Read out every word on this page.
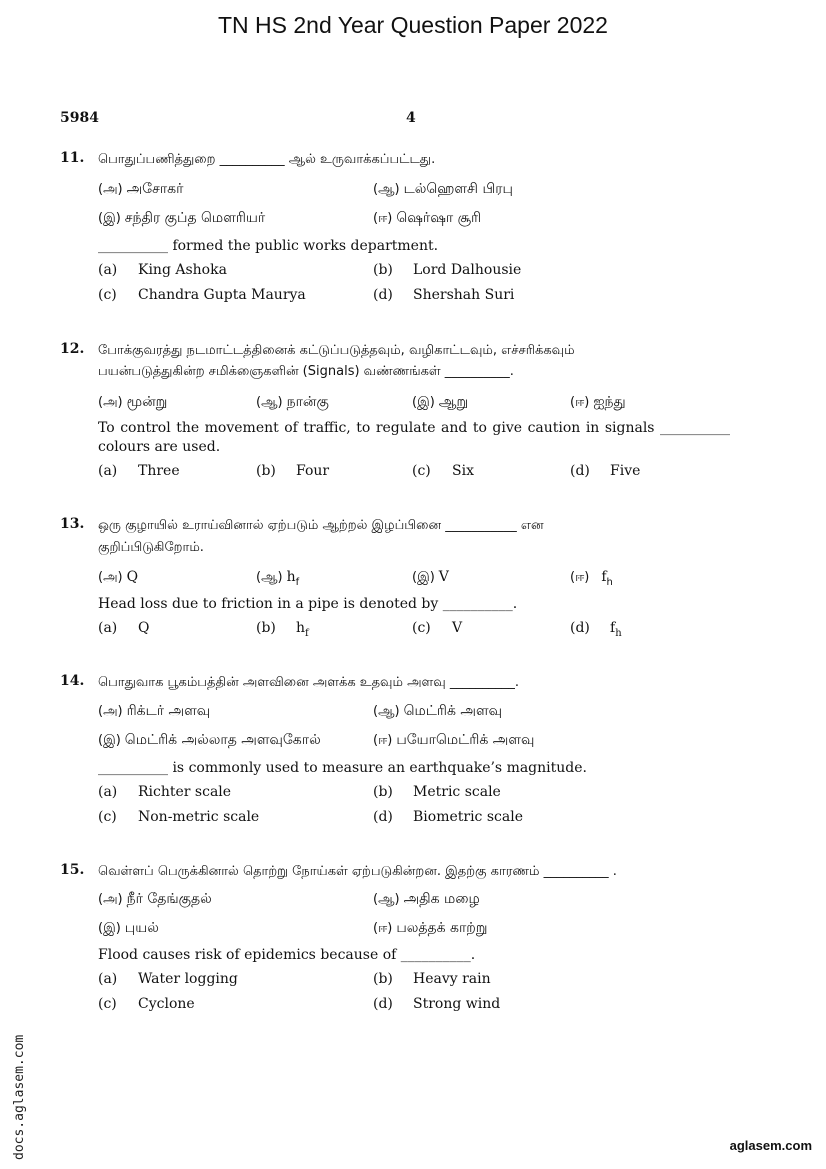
TN HS 2nd Year Question Paper 2022
5984	4
11. பொதுப்பணித்துறை __________ ஆல் உருவாக்கப்பட்டது.
(அ) அசோகர்	(ஆ) டல்ஹௌசி பிரபு
(இ) சந்திர குப்த மௌரியர்	(ஈ) ஷெர்ஷா சூரி
__________ formed the public works department.
(a) King Ashoka	(b) Lord Dalhousie
(c) Chandra Gupta Maurya	(d) Shershah Suri
12. போக்குவரத்து நடமாட்டத்தினைக் கட்டுப்படுத்தவும், வழிகாட்டவும், எச்சரிக்கவும்
பயன்படுத்துகின்ற சமிக்ஞைகளின் (Signals) வண்ணங்கள் __________.
(அ) மூன்று	(ஆ) நான்கு	(இ) ஆறு	(ஈ) ஐந்து
To control the movement of traffic, to regulate and to give caution in signals __________ colours are used.
(a) Three	(b) Four	(c) Six	(d) Five
13. ஒரு குழாயில் உராய்வினால் ஏற்படும் ஆற்றல் இழப்பினை ___________ என
குறிப்பிடுகிறோம்.
(அ) Q	(ஆ) $h_f$	(இ) V	(ஈ) $f_h$
Head loss due to friction in a pipe is denoted by __________.
(a) Q	(b) $h_f$	(c) V	(d) $f_h$
14. பொதுவாக பூகம்பத்தின் அளவினை அளக்க உதவும் அளவு __________.
(அ) ரிக்டர் அளவு	(ஆ) மெட்ரிக் அளவு
(இ) மெட்ரிக் அல்லாத அளவுகோல்	(ஈ) பயோமெட்ரிக் அளவு
__________ is commonly used to measure an earthquake’s magnitude.
(a) Richter scale	(b) Metric scale
(c) Non-metric scale	(d) Biometric scale
15. வெள்ளப் பெருக்கினால் தொற்று நோய்கள் ஏற்படுகின்றன. இதற்கு காரணம் __________ .
(அ) நீர் தேங்குதல்	(ஆ) அதிக மழை
(இ) புயல்	(ஈ) பலத்தக் காற்று
Flood causes risk of epidemics because of __________.
(a) Water logging	(b) Heavy rain
(c) Cyclone	(d) Strong wind
docs.aglasem.com	aglasem.com
